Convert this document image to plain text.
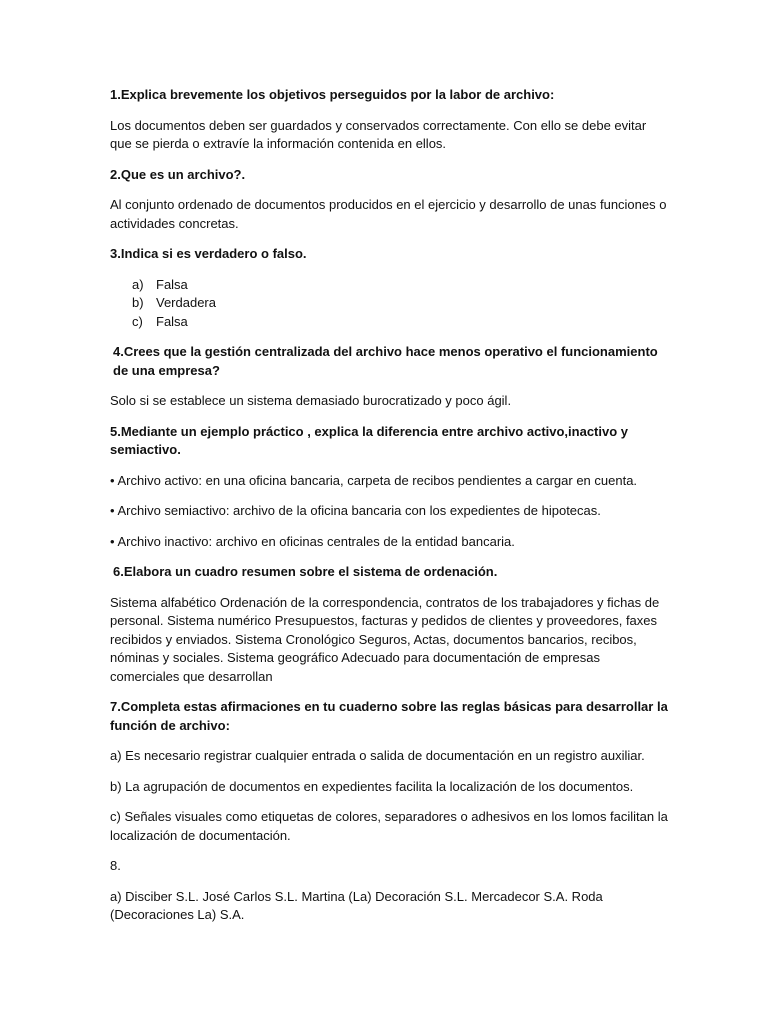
1.Explica brevemente los objetivos perseguidos por la labor de archivo:

Los documentos deben ser guardados y conservados correctamente. Con ello se debe evitar que se pierda o extravíe la información contenida en ellos.

2.Que es un archivo?.

Al conjunto ordenado de documentos producidos en el ejercicio y desarrollo de unas funciones o actividades concretas.

3.Indica si es verdadero o falso.

a) Falsa
b) Verdadera
c)	Falsa

4.Crees que la gestión centralizada del archivo hace menos operativo el funcionamiento de una empresa?

Solo si se establece un sistema demasiado burocratizado y poco ágil.

5.Mediante un ejemplo práctico , explica la diferencia entre archivo activo,inactivo y semiactivo.

• Archivo activo: en una oficina bancaria, carpeta de recibos pendientes a cargar en cuenta.

• Archivo semiactivo: archivo de la oficina bancaria con los expedientes de hipotecas.

• Archivo inactivo: archivo en oficinas centrales de la entidad bancaria.

6.Elabora un cuadro resumen sobre el sistema de ordenación.

Sistema alfabético Ordenación de la correspondencia, contratos de los trabajadores y fichas de personal. Sistema numérico Presupuestos, facturas y pedidos de clientes y proveedores, faxes recibidos y enviados. Sistema Cronológico Seguros, Actas, documentos bancarios, recibos, nóminas y sociales. Sistema geográfico Adecuado para documentación de empresas comerciales que desarrollan

7.Completa estas afirmaciones en tu cuaderno sobre las reglas básicas para desarrollar la función de archivo:

a) Es necesario registrar cualquier entrada o salida de documentación en un registro auxiliar.

b) La agrupación de documentos en expedientes facilita la localización de los documentos.

c) Señales visuales como etiquetas de colores, separadores o adhesivos en los lomos facilitan la localización de documentación.

8.

a) Disciber S.L. José Carlos S.L. Martina (La) Decoración S.L. Mercadecor S.A. Roda (Decoraciones La) S.A.
